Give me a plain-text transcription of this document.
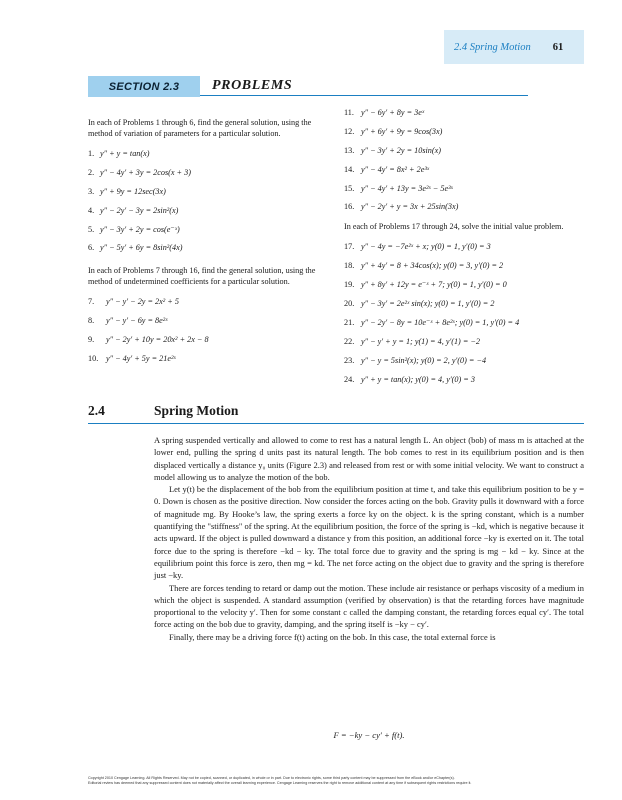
2.4 Spring Motion 61
SECTION 2.3 PROBLEMS

In each of Problems 1 through 6, find the general solution, using the method of variation of parameters for a particular solution.

1. y″ + y = tan(x)
2. y″ − 4y′ + 3y = 2cos(x + 3)
3. y″ + 9y = 12sec(3x)
4. y″ − 2y′ − 3y = 2sin²(x)
5. y″ − 3y′ + 2y = cos(e⁻ˣ)
6. y″ − 5y′ + 6y = 8sin²(4x)

In each of Problems 7 through 16, find the general solution, using the method of undetermined coefficients for a particular solution.

7. y″ − y′ − 2y = 2x² + 5
8. y″ − y′ − 6y = 8e²ˣ
9. y″ − 2y′ + 10y = 20x² + 2x − 8
10. y″ − 4y′ + 5y = 21e²ˣ
11. y″ − 6y′ + 8y = 3eˣ
12. y″ + 6y′ + 9y = 9cos(3x)
13. y″ − 3y′ + 2y = 10sin(x)
14. y″ − 4y′ = 8x² + 2e³ˣ
15. y″ − 4y′ + 13y = 3e²ˣ − 5e³ˣ
16. y″ − 2y′ + y = 3x + 25sin(3x)

In each of Problems 17 through 24, solve the initial value problem.

17. y″ − 4y = −7e²ˣ + x; y(0) = 1, y′(0) = 3
18. y″ + 4y′ = 8 + 34cos(x); y(0) = 3, y′(0) = 2
19. y″ + 8y′ + 12y = e⁻ˣ + 7; y(0) = 1, y′(0) = 0
20. y″ − 3y′ = 2e²ˣ sin(x); y(0) = 1, y′(0) = 2
21. y″ − 2y′ − 8y = 10e⁻ˣ + 8e²ˣ; y(0) = 1, y′(0) = 4
22. y″ − y′ + y = 1; y(1) = 4, y′(1) = −2
23. y″ − y = 5sin²(x); y(0) = 2, y′(0) = −4
24. y″ + y = tan(x); y(0) = 4, y′(0) = 3
2.4	Spring Motion

A spring suspended vertically and allowed to come to rest has a natural length L. An object (bob) of mass m is attached at the lower end, pulling the spring d units past its natural length. The bob comes to rest in its equilibrium position and is then displaced vertically a distance y₀ units (Figure 2.3) and released from rest or with some initial velocity. We want to construct a model allowing us to analyze the motion of the bob.

Let y(t) be the displacement of the bob from the equilibrium position at time t, and take this equilibrium position to be y = 0. Down is chosen as the positive direction. Now consider the forces acting on the bob. Gravity pulls it downward with a force of magnitude mg. By Hooke’s law, the spring exerts a force ky on the object. k is the spring constant, which is a number quantifying the "stiffness" of the spring. At the equilibrium position, the force of the spring is −kd, which is negative because it acts upward. If the object is pulled downward a distance y from this position, an additional force −ky is exerted on it. The total force due to the spring is therefore −kd − ky. The total force due to gravity and the spring is mg − kd − ky. Since at the equilibrium point this force is zero, then mg = kd. The net force acting on the object due to gravity and the spring is therefore just −ky.

There are forces tending to retard or damp out the motion. These include air resistance or perhaps viscosity of a medium in which the object is suspended. A standard assumption (verified by observation) is that the retarding forces have magnitude proportional to the velocity y′. Then for some constant c called the damping constant, the retarding forces equal cy′. The total force acting on the bob due to gravity, damping, and the spring itself is −ky − cy′.

Finally, there may be a driving force f(t) acting on the bob. In this case, the total external force is

F = −ky − cy′ + f(t).
Copyright 2010 Cengage Learning. All Rights Reserved. May not be copied, scanned, or duplicated, in whole or in part. Due to electronic rights, some third party content may be suppressed from the eBook and/or eChapter(s).
Editorial review has deemed that any suppressed content does not materially affect the overall learning experience. Cengage Learning reserves the right to remove additional content at any time if subsequent rights restrictions require it.
